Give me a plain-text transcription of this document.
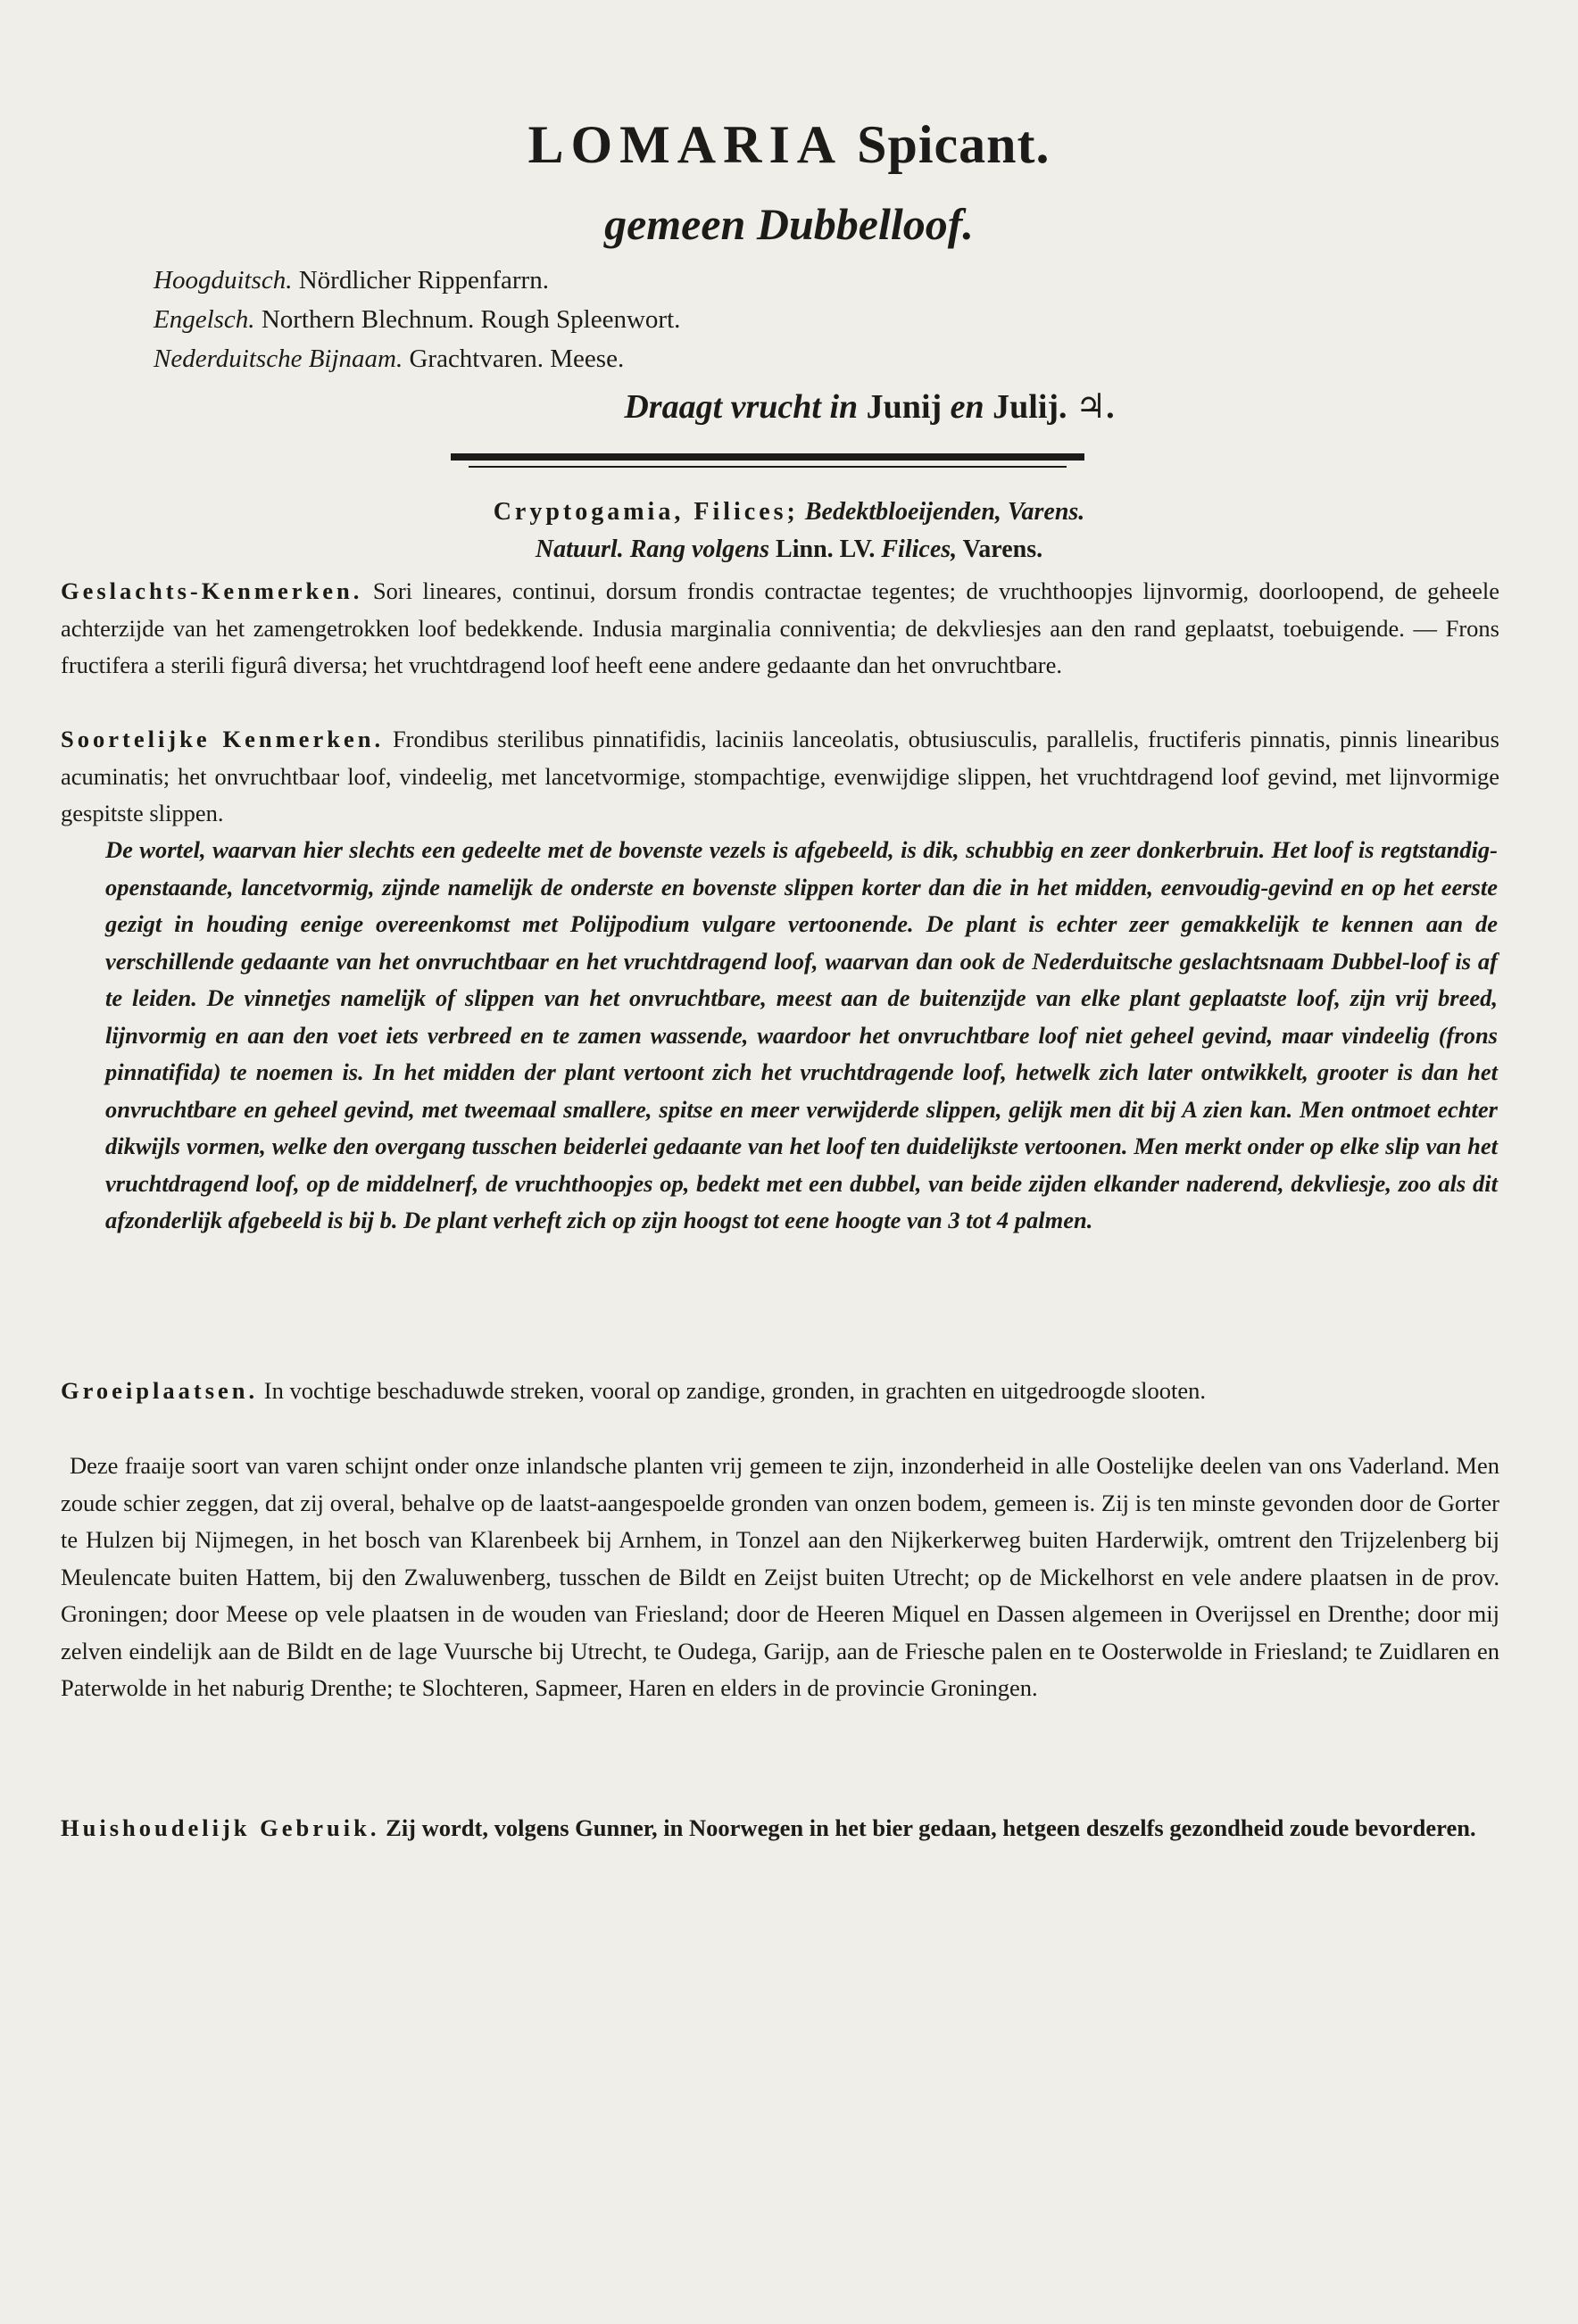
LOMARIA Spicant.
gemeen Dubbelloof.
Hoogduitsch. Nördlicher Rippenfarrn.
Engelsch. Northern Blechnum. Rough Spleenwort.
Nederduitsche Bijnaam. Grachtvaren. Meese.
Draagt vrucht in Junij en Julij. ♃.
Cryptogamia, Filices; Bedektbloeijenden, Varens.
Natuurl. Rang volgens Linn. LV. Filices, Varens.

Geslachts-Kenmerken. Sori lineares, continui, dorsum frondis contractae tegentes; de vruchthoopjes lijnvormig, doorloopend, de geheele achterzijde van het zamengetrokken loof bedekkende. Indusia marginalia conniventia; de dekvliesjes aan den rand geplaatst, toebuigende. — Frons fructifera a sterili figurâ diversa; het vruchtdragend loof heeft eene andere gedaante dan het onvruchtbare.

Soortelijke Kenmerken. Frondibus sterilibus pinnatifidis, laciniis lanceolatis, obtusiusculis, parallelis, fructiferis pinnatis, pinnis linearibus acuminatis; het onvruchtbaar loof, vindeelig, met lancetvormige, stompachtige, evenwijdige slippen, het vruchtdragend loof gevind, met lijnvormige gespitste slippen.

De wortel, waarvan hier slechts een gedeelte met de bovenste vezels is afgebeeld, is dik, schubbig en zeer donkerbruin. Het loof is regtstandig-openstaande, lancetvormig, zijnde namelijk de onderste en bovenste slippen korter dan die in het midden, eenvoudig-gevind en op het eerste gezigt in houding eenige overeenkomst met Polijpodium vulgare vertoonende. De plant is echter zeer gemakkelijk te kennen aan de verschillende gedaante van het onvruchtbaar en het vruchtdragend loof, waarvan dan ook de Nederduitsche geslachtsnaam Dubbel-loof is af te leiden. De vinnetjes namelijk of slippen van het onvruchtbare, meest aan de buitenzijde van elke plant geplaatste loof, zijn vrij breed, lijnvormig en aan den voet iets verbreed en te zamen wassende, waardoor het onvruchtbare loof niet geheel gevind, maar vindeelig (frons pinnatifida) te noemen is. In het midden der plant vertoont zich het vruchtdragende loof, hetwelk zich later ontwikkelt, grooter is dan het onvruchtbare en geheel gevind, met tweemaal smallere, spitse en meer verwijderde slippen, gelijk men dit bij A zien kan. Men ontmoet echter dikwijls vormen, welke den overgang tusschen beiderlei gedaante van het loof ten duidelijkste vertoonen. Men merkt onder op elke slip van het vruchtdragend loof, op de middelnerf, de vruchthoopjes op, bedekt met een dubbel, van beide zijden elkander naderend, dekvliesje, zoo als dit afzonderlijk afgebeeld is bij b. De plant verheft zich op zijn hoogst tot eene hoogte van 3 tot 4 palmen.

Groeiplaatsen. In vochtige beschaduwde streken, vooral op zandige, gronden, in grachten en uitgedroogde slooten.

Deze fraaije soort van varen schijnt onder onze inlandsche planten vrij gemeen te zijn, inzonderheid in alle Oostelijke deelen van ons Vaderland. Men zoude schier zeggen, dat zij overal, behalve op de laatst-aangespoelde gronden van onzen bodem, gemeen is. Zij is ten minste gevonden door de Gorter te Hulzen bij Nijmegen, in het bosch van Klarenbeek bij Arnhem, in Tonzel aan den Nijkerkerweg buiten Harderwijk, omtrent den Trijzelenberg bij Meulencate buiten Hattem, bij den Zwaluwenberg, tusschen de Bildt en Zeijst buiten Utrecht; op de Mickelhorst en vele andere plaatsen in de prov. Groningen; door Meese op vele plaatsen in de wouden van Friesland; door de Heeren Miquel en Dassen algemeen in Overijssel en Drenthe; door mij zelven eindelijk aan de Bildt en de lage Vuursche bij Utrecht, te Oudega, Garijp, aan de Friesche palen en te Oosterwolde in Friesland; te Zuidlaren en Paterwolde in het naburig Drenthe; te Slochteren, Sapmeer, Haren en elders in de provincie Groningen.

Huishoudelijk Gebruik. Zij wordt, volgens Gunner, in Noorwegen in het bier gedaan, hetgeen deszelfs gezondheid zoude bevorderen.
